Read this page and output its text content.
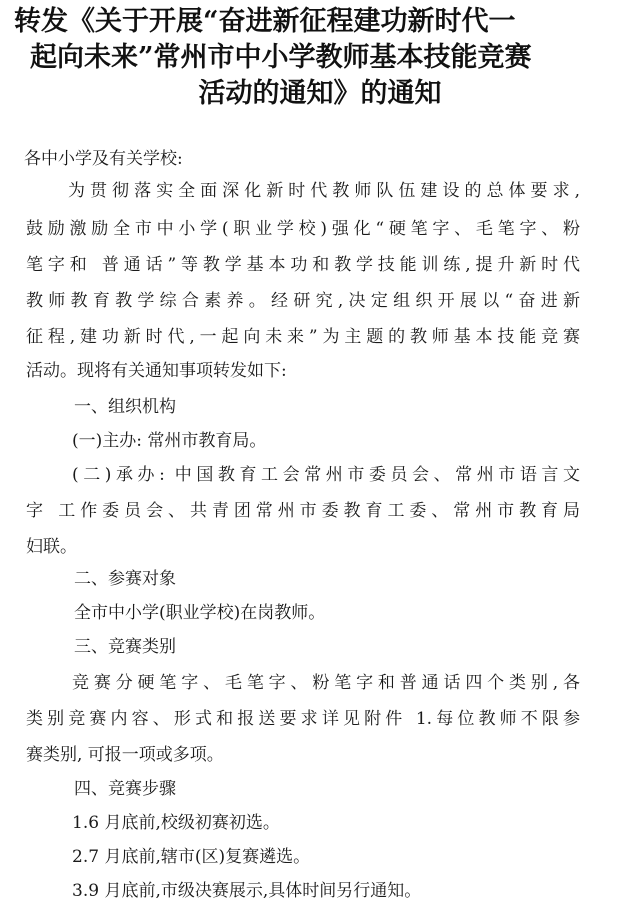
转发《关于开展“奋进新征程建功新时代一
起向未来”常州市中小学教师基本技能竞赛
活动的通知》的通知
各中小学及有关学校:
为贯彻落实全面深化新时代教师队伍建设的总体要求,
鼓励激励全市中小学(职业学校)强化“硬笔字、毛笔字、粉
笔字和 普通话”等教学基本功和教学技能训练,提升新时代
教师教育教学综合素养。经研究,决定组织开展以“奋进新
征程,建功新时代,一起向未来”为主题的教师基本技能竞赛
活动。现将有关通知事项转发如下:
一、组织机构
(一)主办: 常州市教育局。
(二)承办: 中国教育工会常州市委员会、常州市语言文
字 工作委员会、共青团常州市委教育工委、常州市教育局
妇联。
二、参赛对象
全市中小学(职业学校)在岗教师。
三、竞赛类别
竞赛分硬笔字、毛笔字、粉笔字和普通话四个类别,各
类别竞赛内容、形式和报送要求详见附件 1.每位教师不限参
赛类别, 可报一项或多项。
四、竞赛步骤
1.6 月底前,校级初赛初选。
2.7 月底前,辖市(区)复赛遴选。
3.9 月底前,市级决赛展示,具体时间另行通知。
